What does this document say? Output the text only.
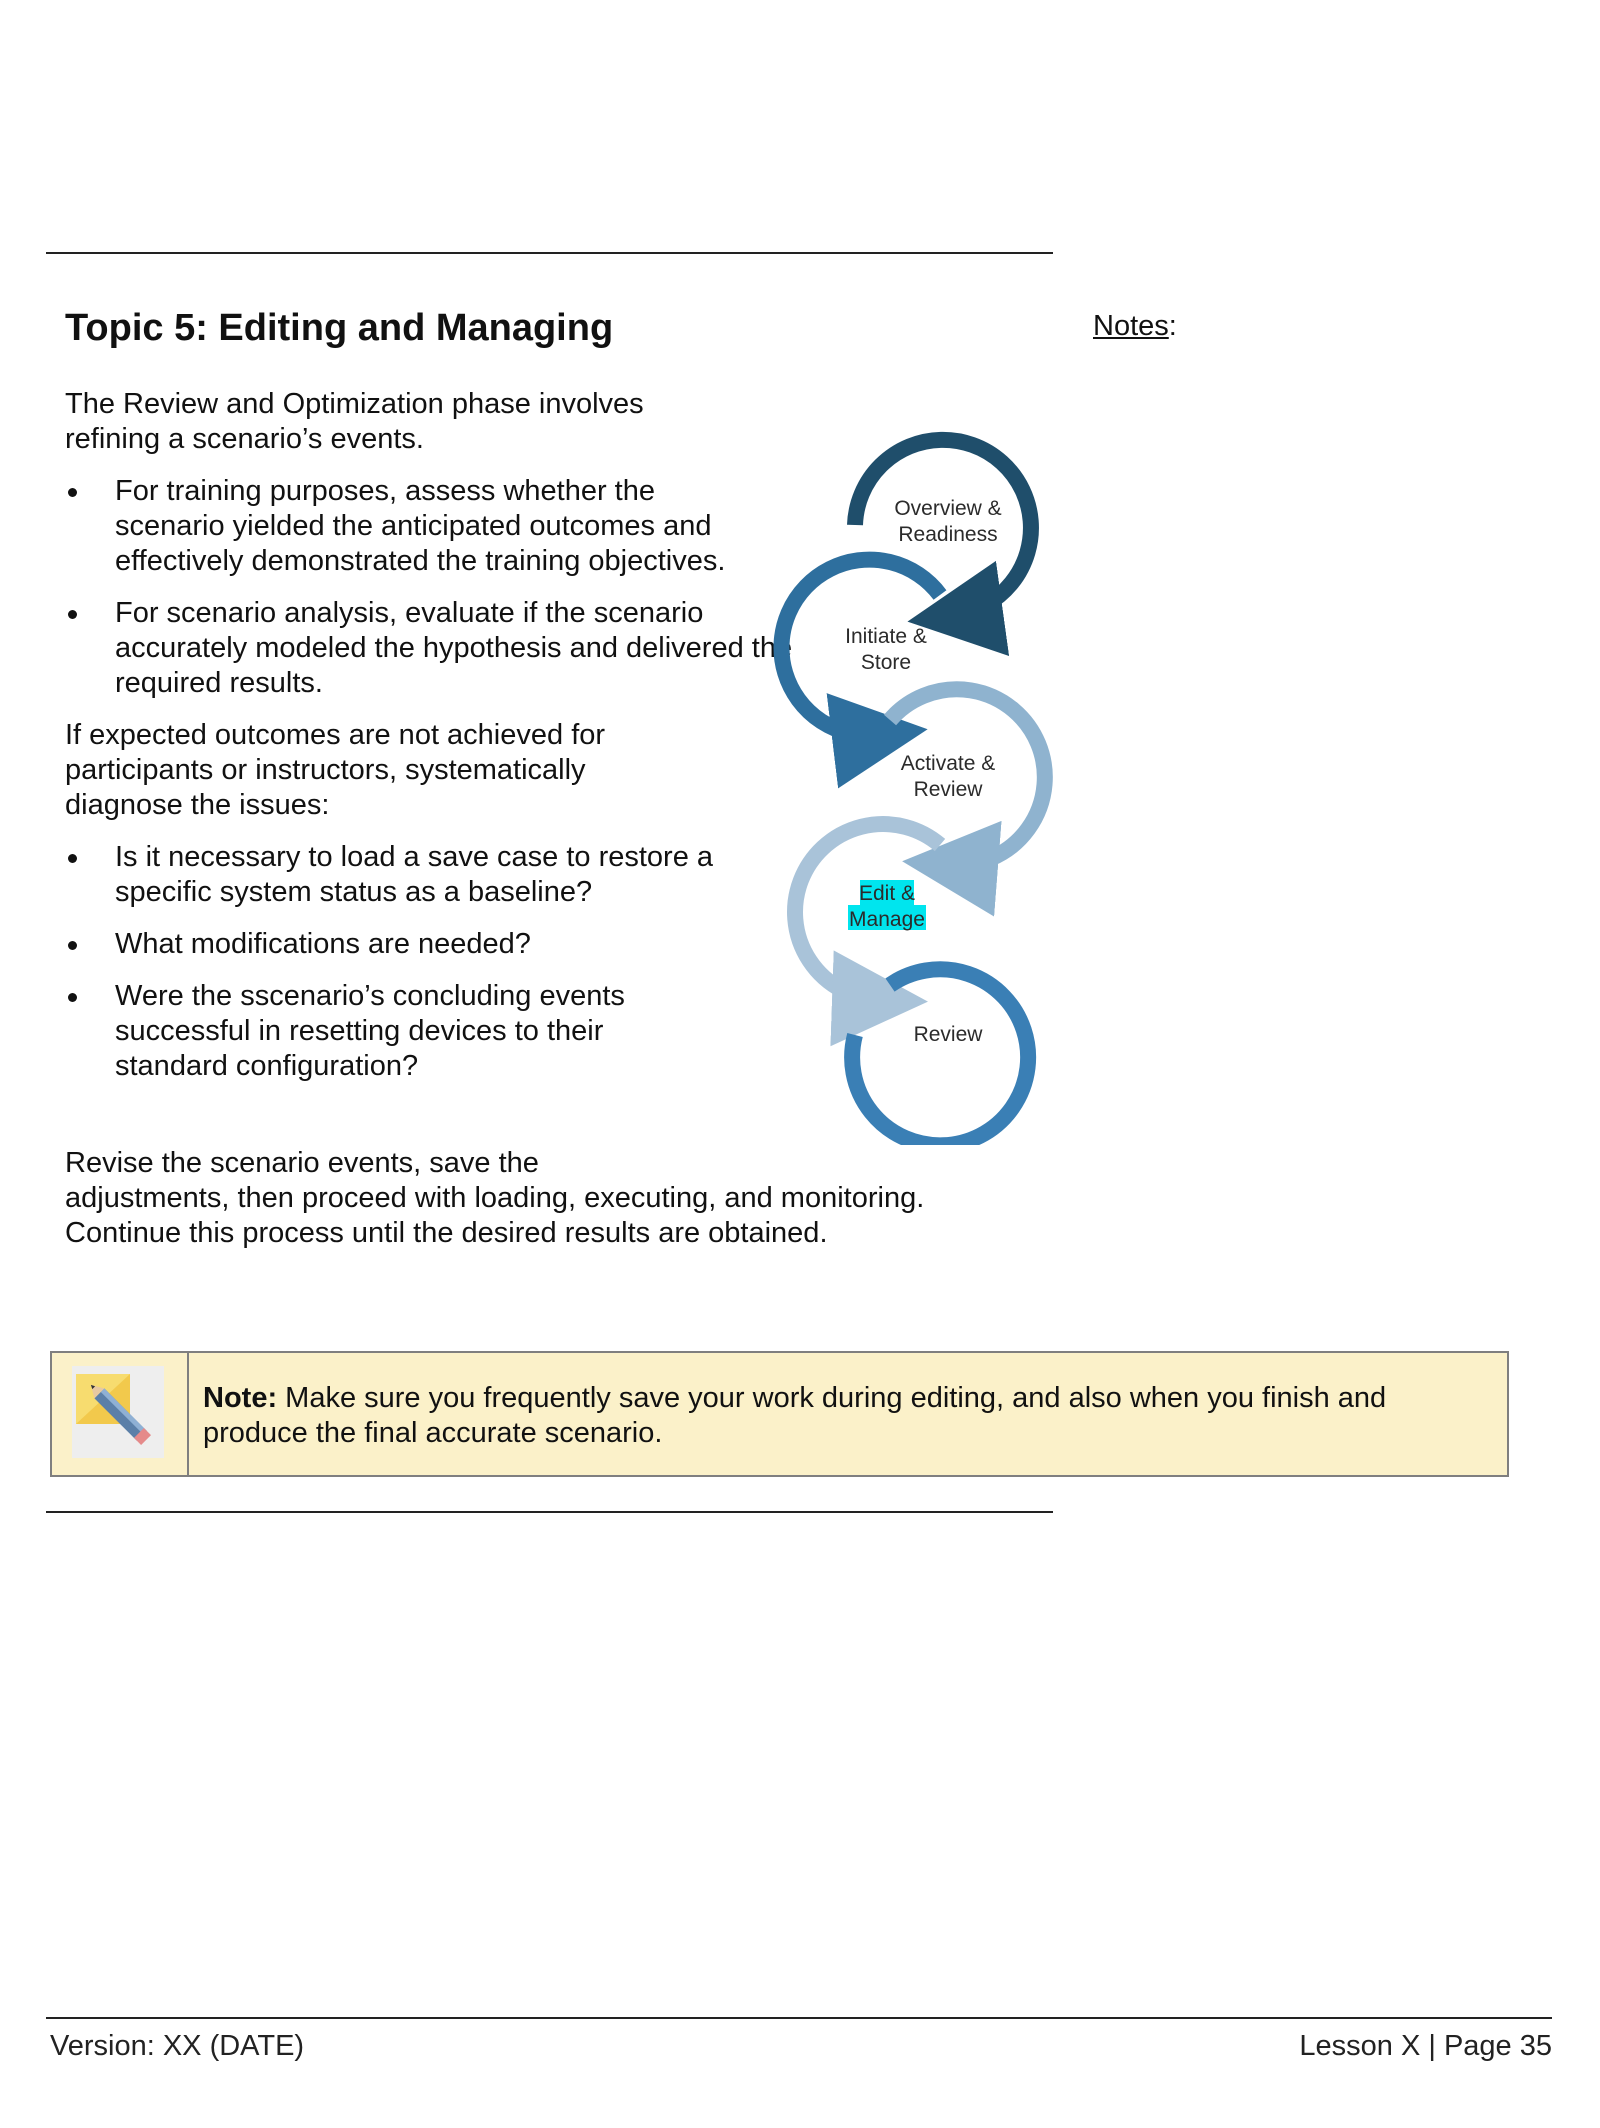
Topic 5: Editing and Managing	Notes:

The Review and Optimization phase involves refining a scenario’s events.

For training purposes, assess whether the scenario yielded the anticipated outcomes and effectively demonstrated the training objectives.
For scenario analysis, evaluate if the scenario accurately modeled the hypothesis and delivered the required results.

If expected outcomes are not achieved for participants or instructors, systematically diagnose the issues:

Is it necessary to load a save case to restore a specific system status as a baseline?
What modifications are needed?
Were the sscenario’s concluding events successful in resetting devices to their standard configuration?
Revise the scenario events, save the
adjustments, then proceed with loading, executing, and monitoring.
Continue this process until the desired results are obtained.
Overview &
Readiness
Initiate &
Store
Activate &
Review
Edit &
Manage
Review
Note: Make sure you frequently save your work during editing, and also when you finish and produce the final accurate scenario.
Version: XX (DATE)	Lesson X | Page 35
